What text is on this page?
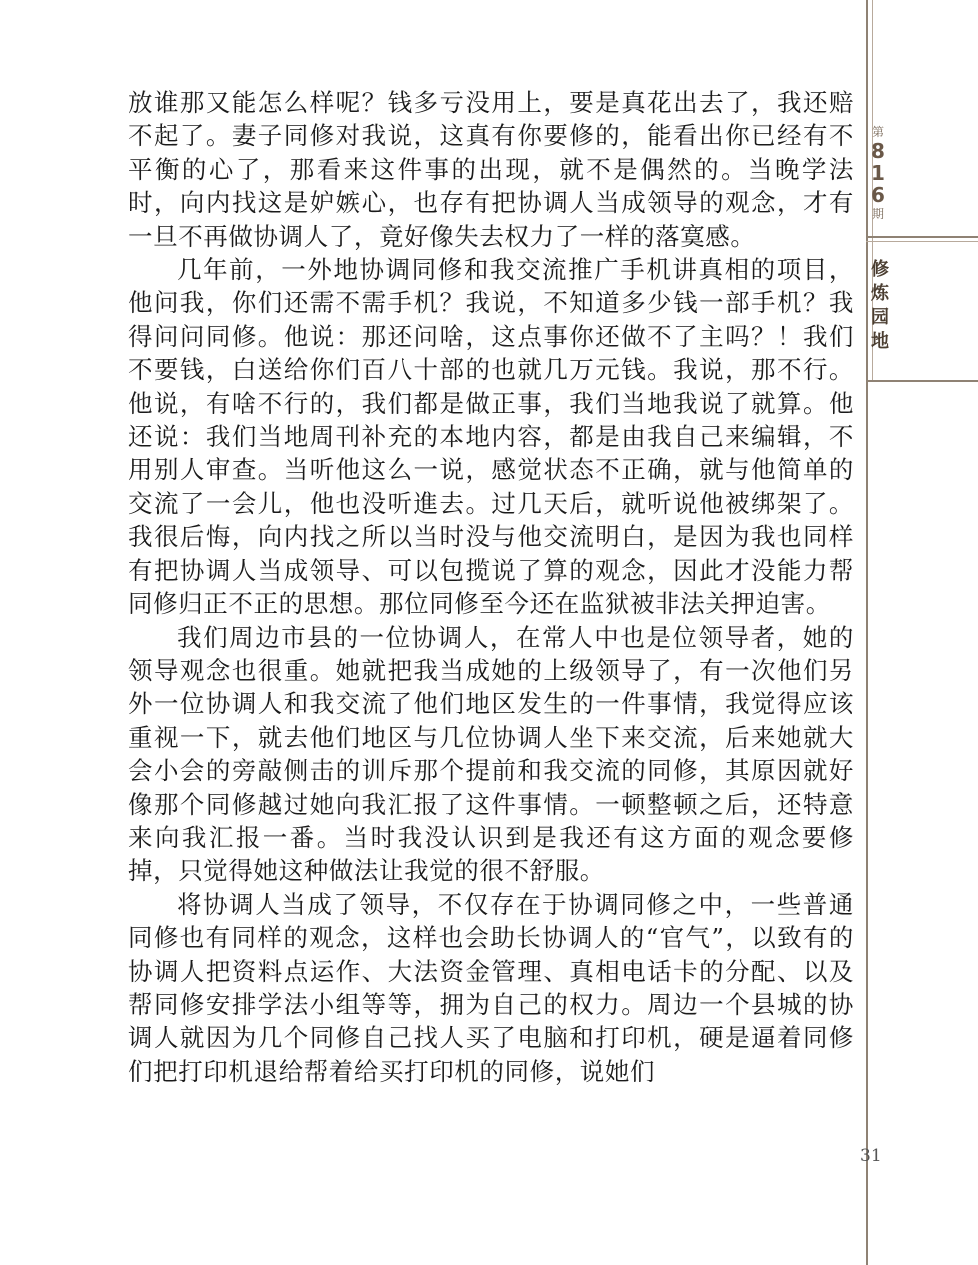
第
8
1
6
期
修
炼
园
地

放谁那又能怎么样呢？钱多亏没用上，要是真花出去了，我还赔不起了。妻子同修对我说，这真有你要修的，能看出你已经有不平衡的心了，那看来这件事的出现，就不是偶然的。当晚学法时，向内找这是妒嫉心，也存有把协调人当成领导的观念，才有一旦不再做协调人了，竟好像失去权力了一样的落寞感。

几年前，一外地协调同修和我交流推广手机讲真相的项目，他问我，你们还需不需手机？我说，不知道多少钱一部手机？我得问问同修。他说：那还问啥，这点事你还做不了主吗？！我们不要钱，白送给你们百八十部的也就几万元钱。我说，那不行。他说，有啥不行的，我们都是做正事，我们当地我说了就算。他还说：我们当地周刊补充的本地内容，都是由我自己来编辑，不用别人审查。当听他这么一说，感觉状态不正确，就与他简单的交流了一会儿，他也没听進去。过几天后，就听说他被绑架了。我很后悔，向内找之所以当时没与他交流明白，是因为我也同样有把协调人当成领导、可以包揽说了算的观念，因此才没能力帮同修归正不正的思想。那位同修至今还在监狱被非法关押迫害。

我们周边市县的一位协调人，在常人中也是位领导者，她的领导观念也很重。她就把我当成她的上级领导了，有一次他们另外一位协调人和我交流了他们地区发生的一件事情，我觉得应该重视一下，就去他们地区与几位协调人坐下来交流，后来她就大会小会的旁敲侧击的训斥那个提前和我交流的同修，其原因就好像那个同修越过她向我汇报了这件事情。一顿整顿之后，还特意来向我汇报一番。当时我没认识到是我还有这方面的观念要修掉，只觉得她这种做法让我觉的很不舒服。

将协调人当成了领导，不仅存在于协调同修之中，一些普通同修也有同样的观念，这样也会助长协调人的“官气”，以致有的协调人把资料点运作、大法资金管理、真相电话卡的分配、以及帮同修安排学法小组等等，拥为自己的权力。周边一个县城的协调人就因为几个同修自己找人买了电脑和打印机，硬是逼着同修们把打印机退给帮着给买打印机的同修，说她们

31
